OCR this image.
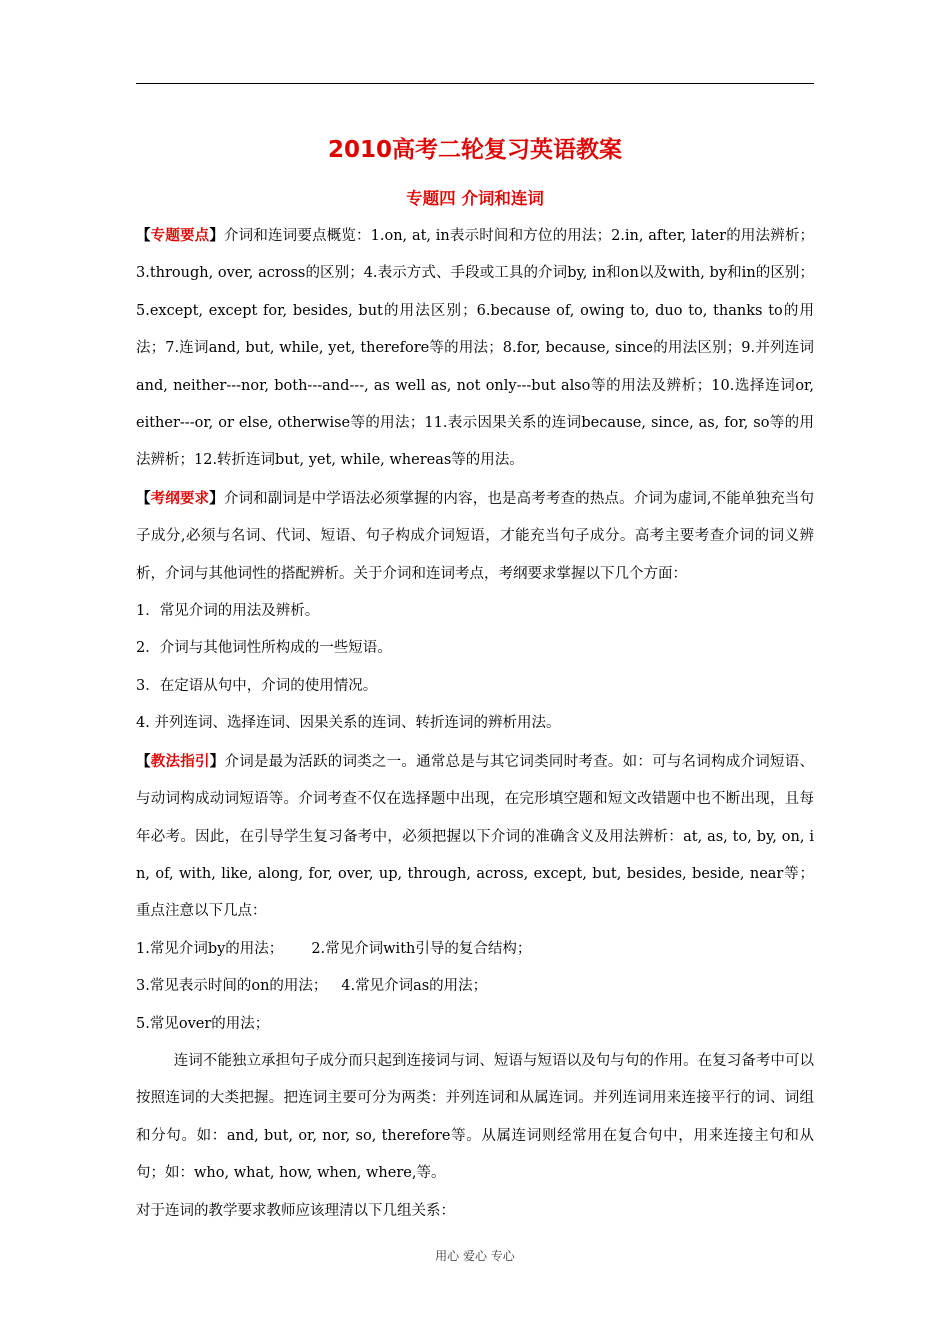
2010高考二轮复习英语教案
专题四 介词和连词

【专题要点】介词和连词要点概览：1.on, at, in表示时间和方位的用法；2.in, after, later的用法辨析；3.through, over, across的区别；4.表示方式、手段或工具的介词by, in和on以及with, by和in的区别；5.except, except for, besides, but的用法区别；6.because of, owing to, duo to, thanks to的用法；7.连词and, but, while, yet, therefore等的用法；8.for, because, since的用法区别；9.并列连词and, neither---nor, both---and---, as well as, not only---but also等的用法及辨析；10.选择连词or, either---or, or else, otherwise等的用法；11.表示因果关系的连词because, since, as, for, so等的用法辨析；12.转折连词but, yet, while, whereas等的用法。

【考纲要求】介词和副词是中学语法必须掌握的内容，也是高考考查的热点。介词为虚词,不能单独充当句子成分,必须与名词、代词、短语、句子构成介词短语，才能充当句子成分。高考主要考查介词的词义辨析，介词与其他词性的搭配辨析。关于介词和连词考点，考纲要求掌握以下几个方面：

1．常见介词的用法及辨析。

2．介词与其他词性所构成的一些短语。

3．在定语从句中，介词的使用情况。

4. 并列连词、选择连词、因果关系的连词、转折连词的辨析用法。

【教法指引】介词是最为活跃的词类之一。通常总是与其它词类同时考查。如：可与名词构成介词短语、与动词构成动词短语等。介词考查不仅在选择题中出现，在完形填空题和短文改错题中也不断出现，且每年必考。因此，在引导学生复习备考中，必须把握以下介词的准确含义及用法辨析：at, as, to, by, on, in, of, with, like, along, for, over, up, through, across, except, but, besides, beside, near等；重点注意以下几点：

1.常见介词by的用法； 2.常见介词with引导的复合结构；

3.常见表示时间的on的用法； 4.常见介词as的用法；

5.常见over的用法；

连词不能独立承担句子成分而只起到连接词与词、短语与短语以及句与句的作用。在复习备考中可以按照连词的大类把握。把连词主要可分为两类：并列连词和从属连词。并列连词用来连接平行的词、词组和分句。如：and, but, or, nor, so, therefore等。从属连词则经常用在复合句中，用来连接主句和从句；如：who, what, how, when, where,等。

对于连词的教学要求教师应该理清以下几组关系：

用心 爱心 专心
